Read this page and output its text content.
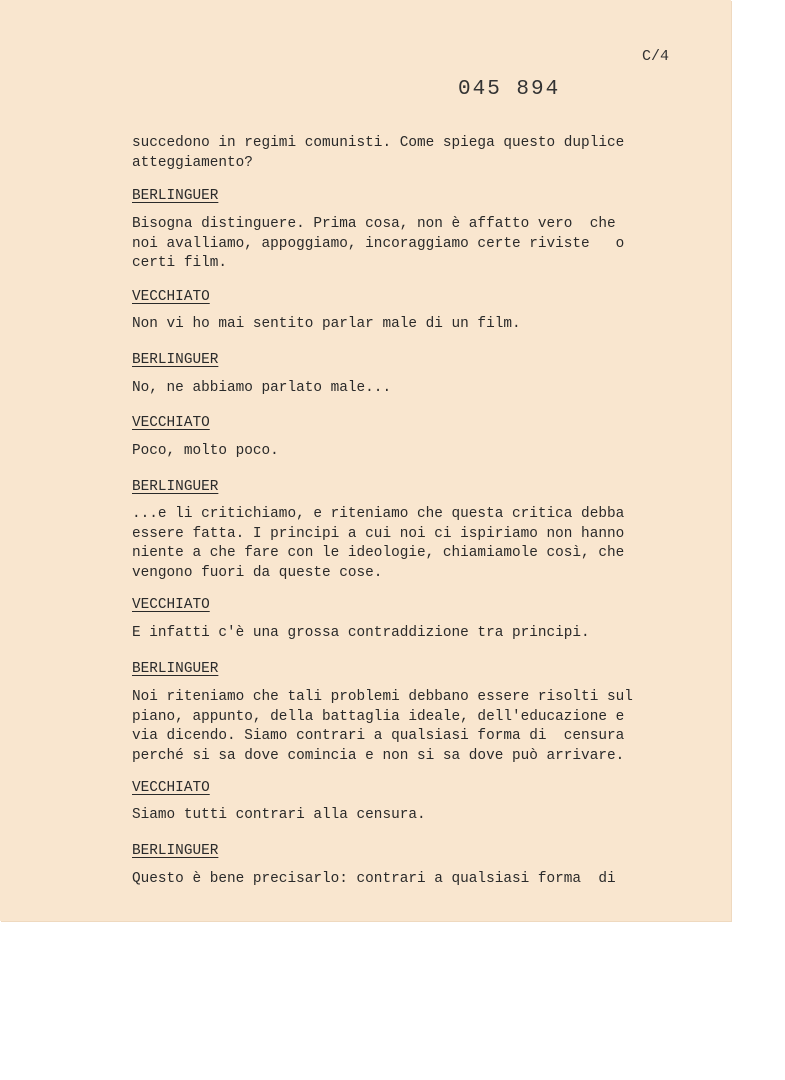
C/4
045 894
succedono in regimi comunisti. Come spiega questo duplice
atteggiamento?
BERLINGUER
Bisogna distinguere. Prima cosa, non è affatto vero  che
noi avalliamo, appoggiamo, incoraggiamo certe riviste   o
certi film.
VECCHIATO
Non vi ho mai sentito parlar male di un film.
BERLINGUER
No, ne abbiamo parlato male...
VECCHIATO
Poco, molto poco.
BERLINGUER
...e li critichiamo, e riteniamo che questa critica debba
essere fatta. I principi a cui noi ci ispiriamo non hanno
niente a che fare con le ideologie, chiamiamole così, che
vengono fuori da queste cose.
VECCHIATO
E infatti c'è una grossa contraddizione tra principi.
BERLINGUER
Noi riteniamo che tali problemi debbano essere risolti sul
piano, appunto, della battaglia ideale, dell'educazione e
via dicendo. Siamo contrari a qualsiasi forma di  censura
perché si sa dove comincia e non si sa dove può arrivare.
VECCHIATO
Siamo tutti contrari alla censura.
BERLINGUER
Questo è bene precisarlo: contrari a qualsiasi forma  di
